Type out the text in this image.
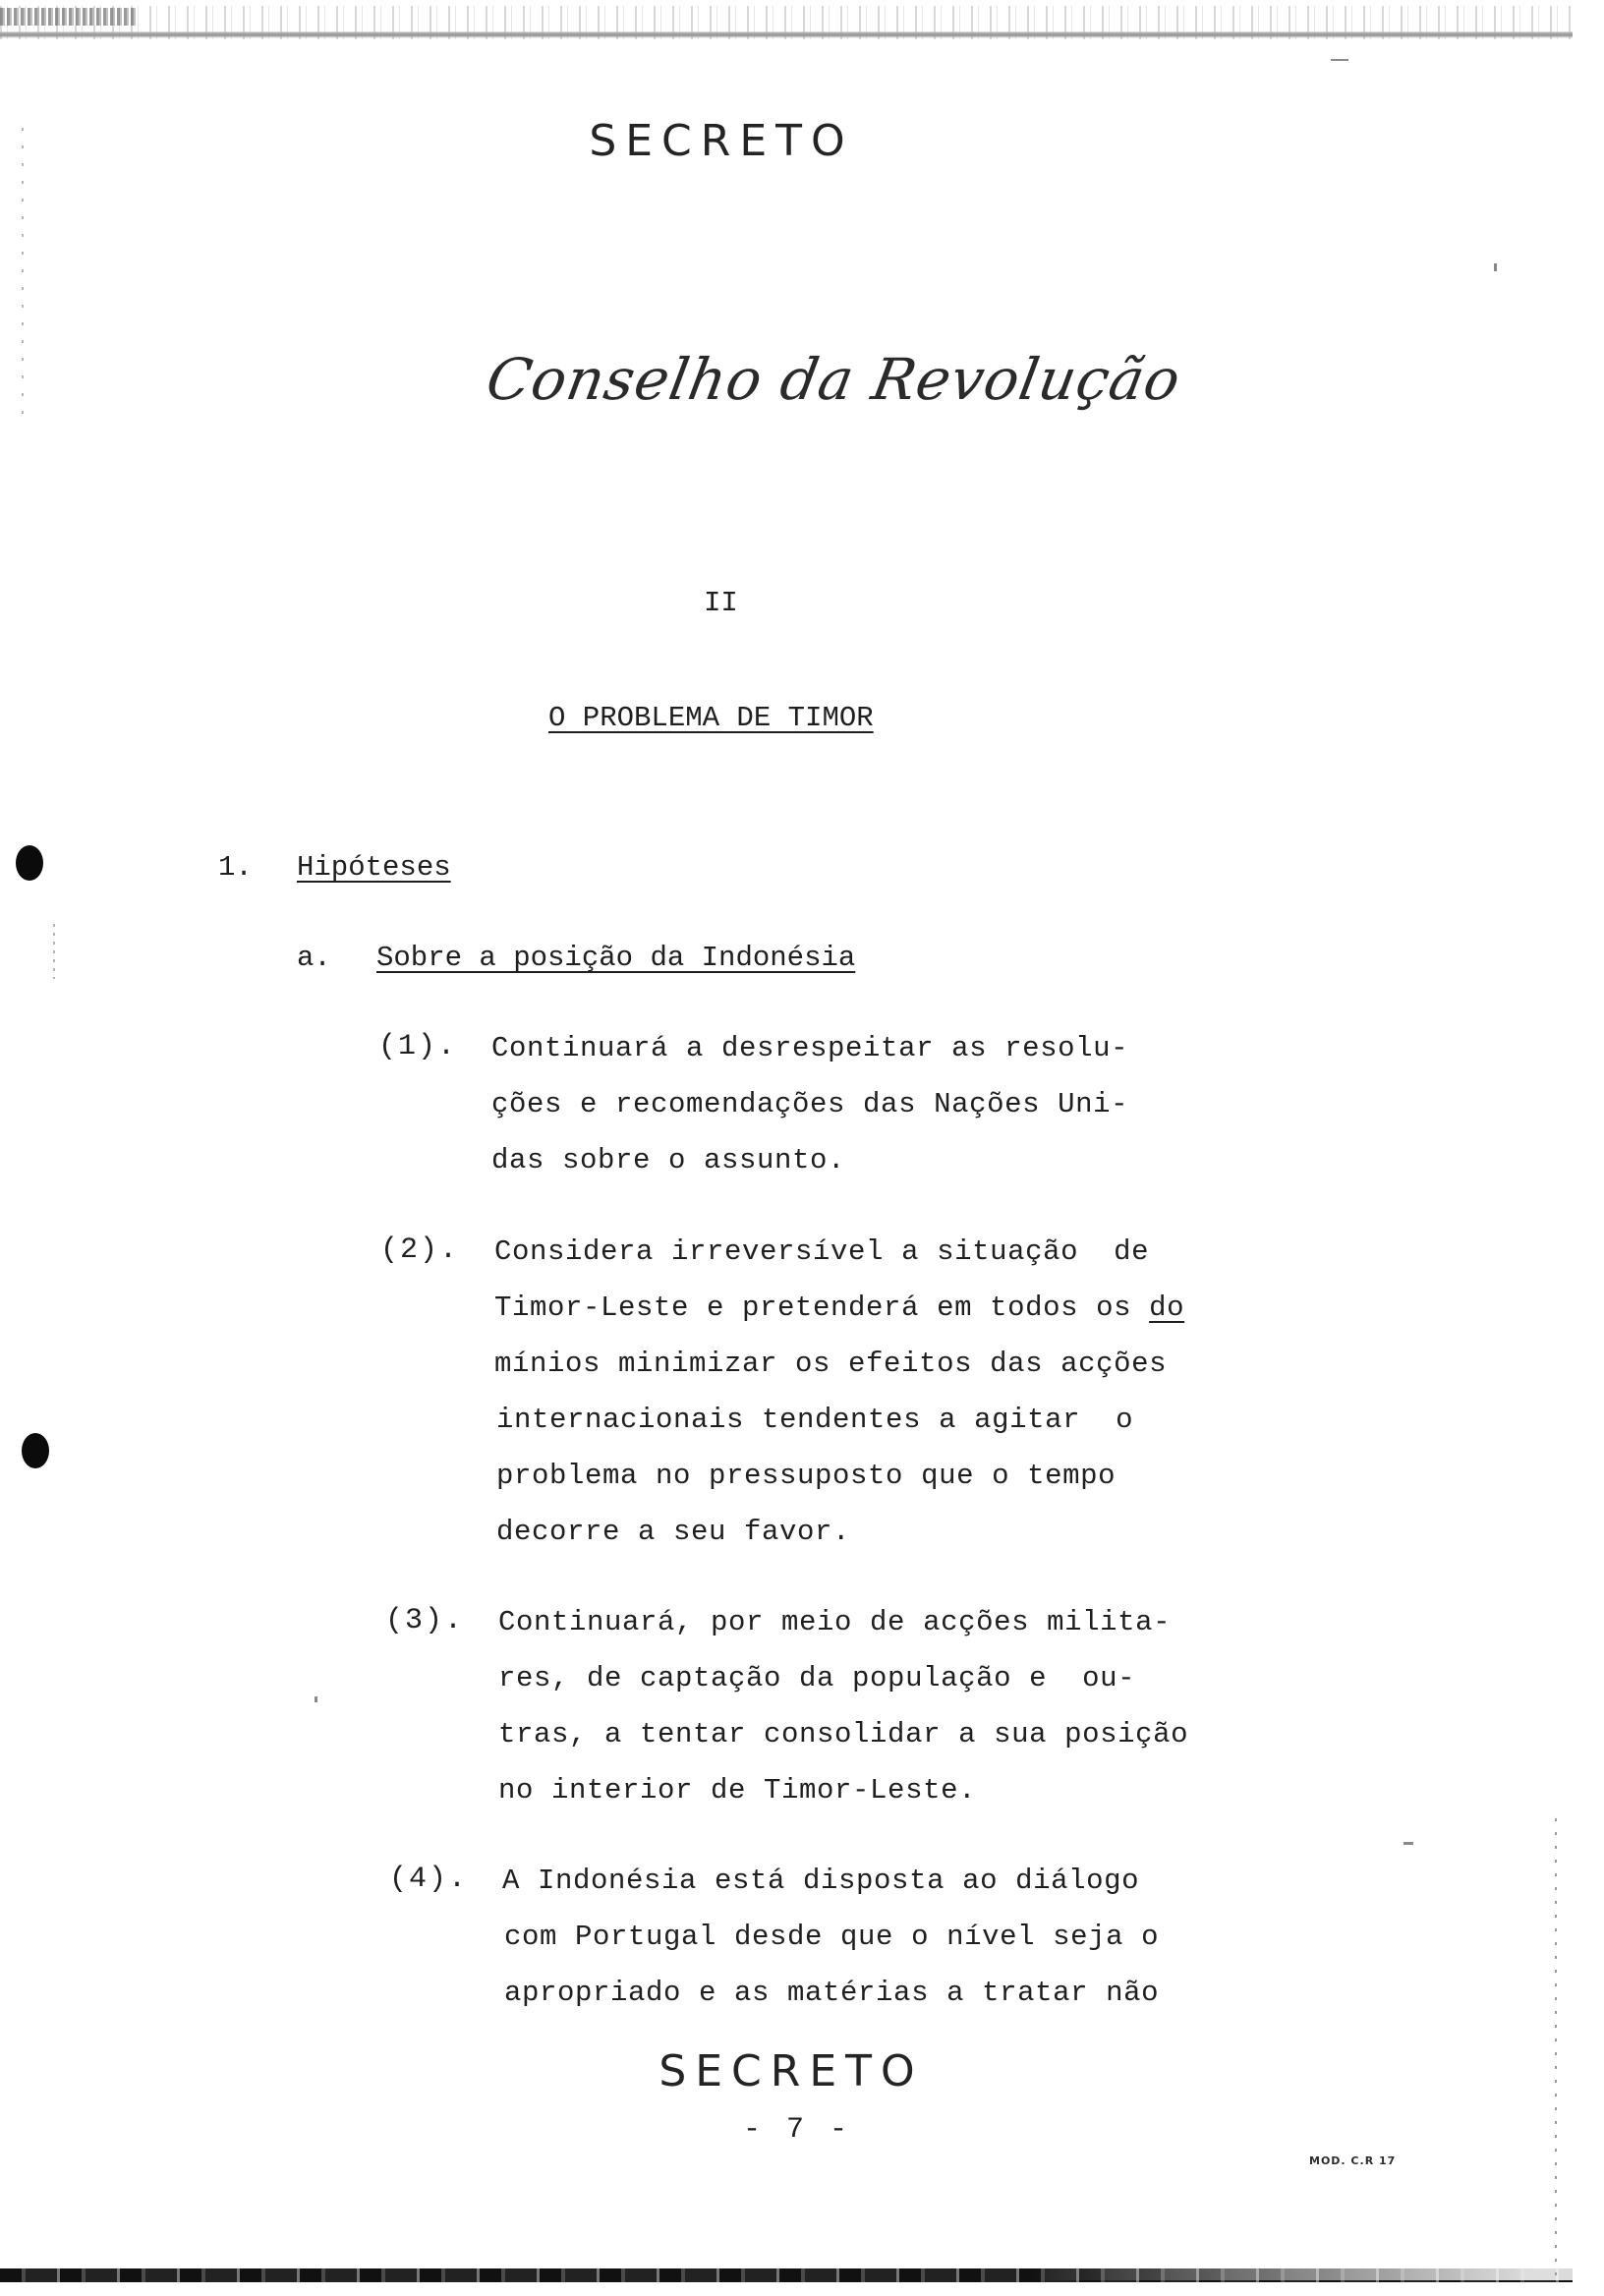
SECRETO
Conselho da Revolução
II
O PROBLEMA DE TIMOR
1. Hipóteses
a. Sobre a posição da Indonésia
(1). Continuará a desrespeitar as resolu-
ções e recomendações das Nações Uni-
das sobre o assunto.
(2). Considera irreversível a situação  de
Timor-Leste e pretenderá em todos os do
mínios minimizar os efeitos das acções
internacionais tendentes a agitar  o
problema no pressuposto que o tempo
decorre a seu favor.
(3). Continuará, por meio de acções milita-
res, de captação da população e  ou-
tras, a tentar consolidar a sua posição
no interior de Timor-Leste.
(4). A Indonésia está disposta ao diálogo
com Portugal desde que o nível seja o
apropriado e as matérias a tratar não
SECRETO
- 7 -
MOD. C.R 17
